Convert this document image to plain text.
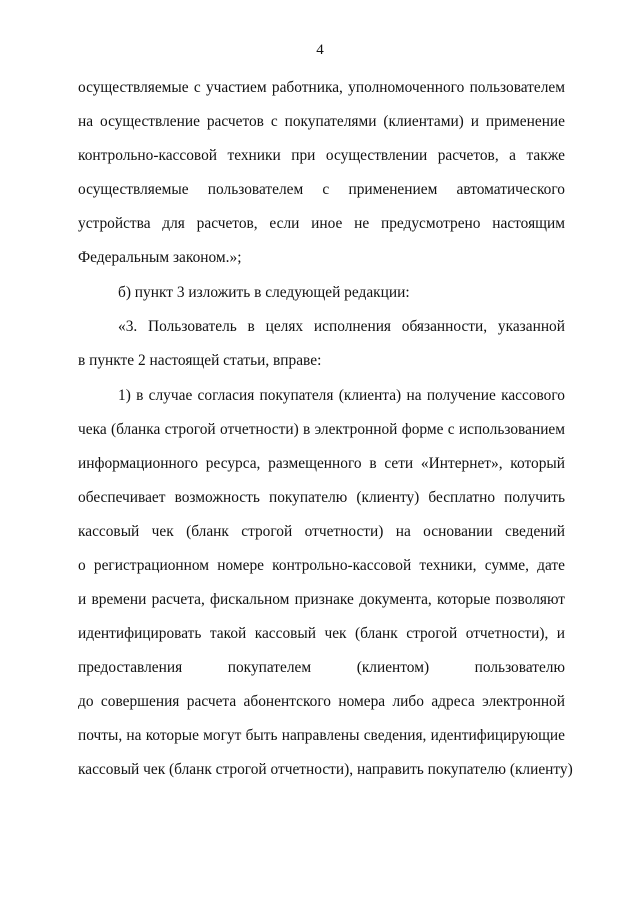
4
осуществляемые с участием работника, уполномоченного пользователем
на осуществление расчетов с покупателями (клиентами) и применение
контрольно-кассовой техники при осуществлении расчетов, а также
осуществляемые пользователем с применением автоматического
устройства для расчетов, если иное не предусмотрено настоящим
Федеральным законом.»;
б) пункт 3 изложить в следующей редакции:
«3. Пользователь в целях исполнения обязанности, указанной
в пункте 2 настоящей статьи, вправе:
1) в случае согласия покупателя (клиента) на получение кассового
чека (бланка строгой отчетности) в электронной форме с использованием
информационного ресурса, размещенного в сети «Интернет», который
обеспечивает возможность покупателю (клиенту) бесплатно получить
кассовый чек (бланк строгой отчетности) на основании сведений
о регистрационном номере контрольно-кассовой техники, сумме, дате
и времени расчета, фискальном признаке документа, которые позволяют
идентифицировать такой кассовый чек (бланк строгой отчетности), и
предоставления покупателем (клиентом) пользователю
до совершения расчета абонентского номера либо адреса электронной
почты, на которые могут быть направлены сведения, идентифицирующие
кассовый чек (бланк строгой отчетности), направить покупателю (клиенту)
